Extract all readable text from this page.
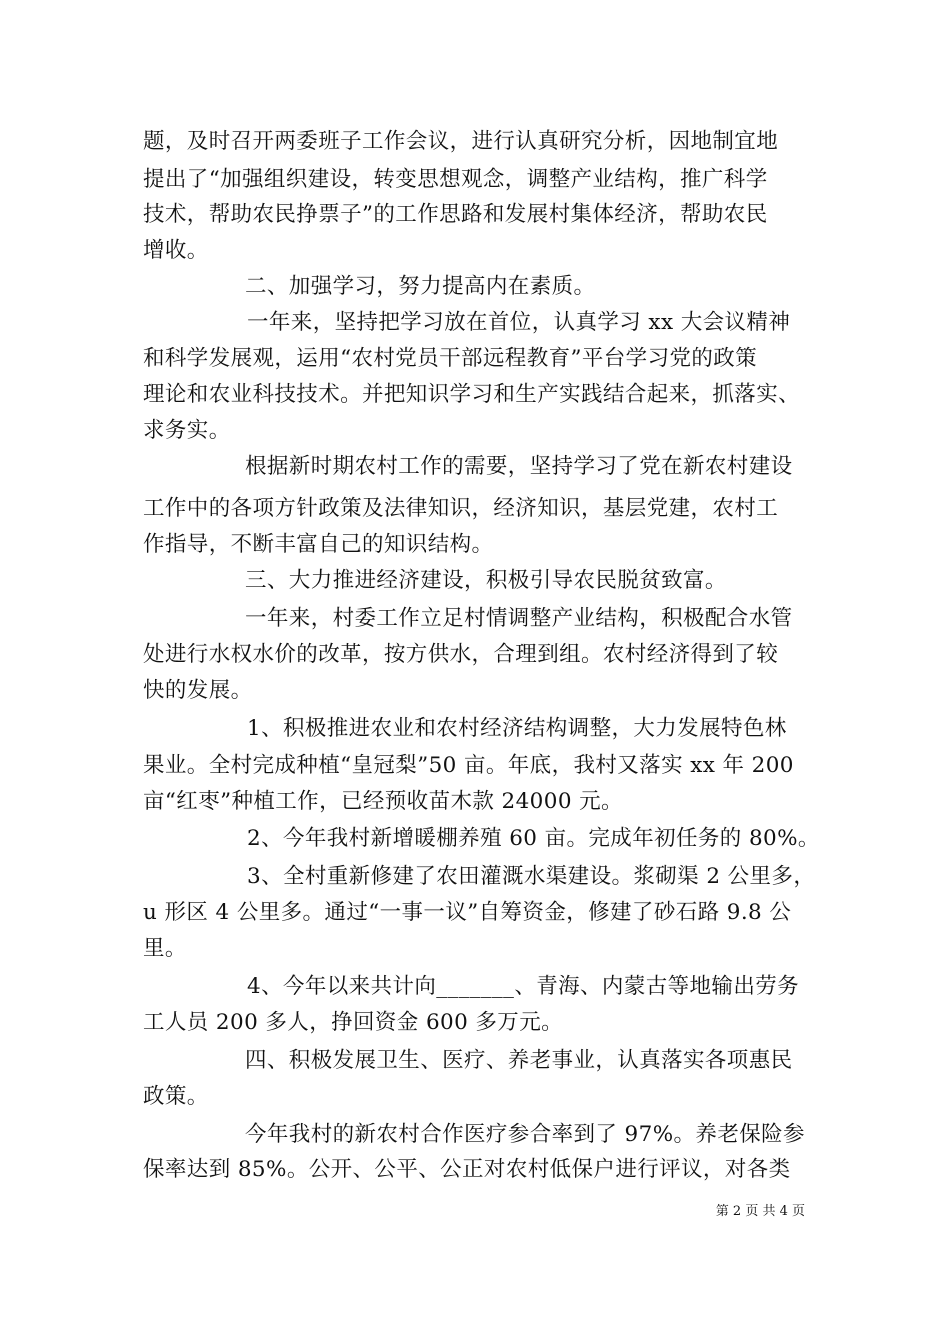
题，及时召开两委班子工作会议，进行认真研究分析，因地制宜地
提出了“加强组织建设，转变思想观念，调整产业结构，推广科学
技术，帮助农民挣票子”的工作思路和发展村集体经济，帮助农民
增收。
二、加强学习，努力提高内在素质。
一年来，坚持把学习放在首位，认真学习 xx 大会议精神
和科学发展观，运用“农村党员干部远程教育”平台学习党的政策
理论和农业科技技术。并把知识学习和生产实践结合起来，抓落实、
求务实。
根据新时期农村工作的需要，坚持学习了党在新农村建设
工作中的各项方针政策及法律知识，经济知识，基层党建，农村工
作指导，不断丰富自己的知识结构。
三、大力推进经济建设，积极引导农民脱贫致富。
一年来，村委工作立足村情调整产业结构，积极配合水管
处进行水权水价的改革，按方供水，合理到组。农村经济得到了较
快的发展。
1、积极推进农业和农村经济结构调整，大力发展特色林
果业。全村完成种植“皇冠梨”50 亩。年底，我村又落实 xx 年 200
亩“红枣”种植工作，已经预收苗木款 24000 元。
2、今年我村新增暖棚养殖 60 亩。完成年初任务的 80%。
3、全村重新修建了农田灌溉水渠建设。浆砌渠 2 公里多，
u 形区 4 公里多。通过“一事一议”自筹资金，修建了砂石路 9.8 公
里。
4、今年以来共计向_______、青海、内蒙古等地输出劳务
工人员 200 多人，挣回资金 600 多万元。
四、积极发展卫生、医疗、养老事业，认真落实各项惠民
政策。
今年我村的新农村合作医疗参合率到了 97%。养老保险参
保率达到 85%。公开、公平、公正对农村低保户进行评议，对各类
第 2 页 共 4 页
